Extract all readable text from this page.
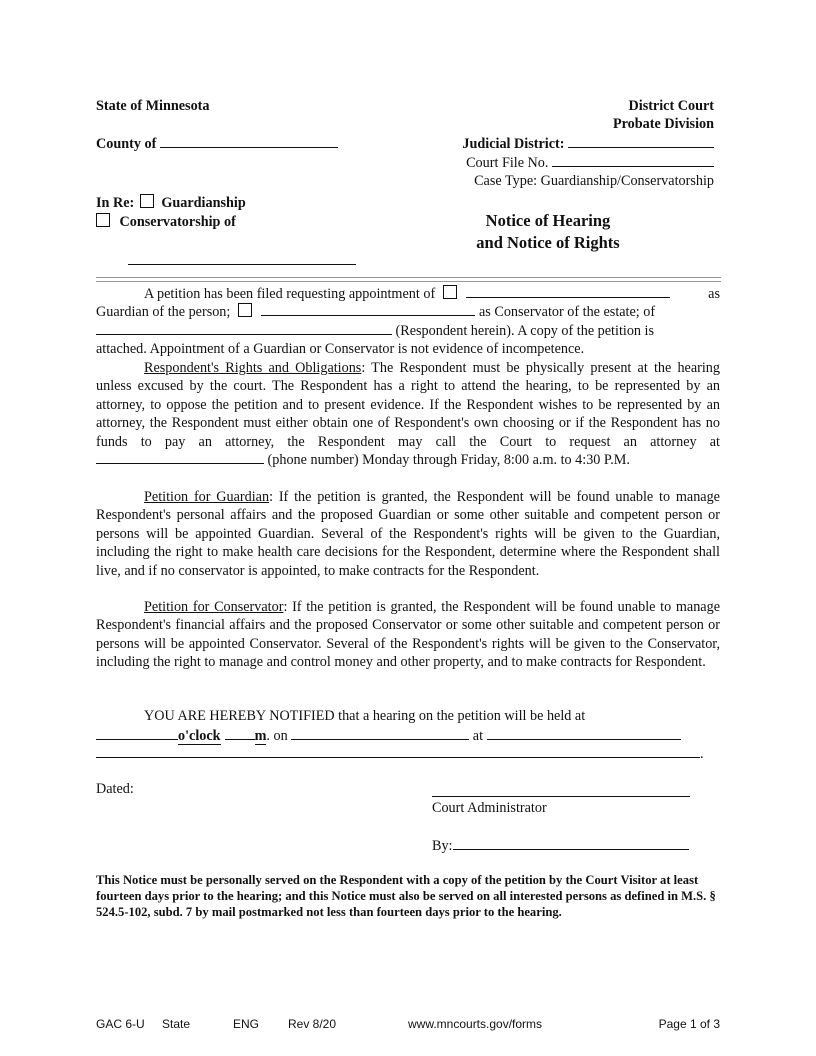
State of Minnesota
County of
District Court
Probate Division
Judicial District:
Court File No.
Case Type: Guardianship/Conservatorship
In Re: Guardianship
Conservatorship of	Notice of Hearing
and Notice of Rights
A petition has been filed requesting appointment of	as
Guardian of the person;	as Conservator of the estate; of
(Respondent herein). A copy of the petition is
attached. Appointment of a Guardian or Conservator is not evidence of incompetence.

Respondent's Rights and Obligations: The Respondent must be physically present at the hearing unless excused by the court. The Respondent has a right to attend the hearing, to be represented by an attorney, to oppose the petition and to present evidence. If the Respondent wishes to be represented by an attorney, the Respondent must either obtain one of Respondent's own choosing or if the Respondent has no funds to pay an attorney, the Respondent may call the Court to request an attorney at  (phone number) Monday through Friday, 8:00 a.m. to 4:30 P.M.

Petition for Guardian: If the petition is granted, the Respondent will be found unable to manage Respondent's personal affairs and the proposed Guardian or some other suitable and competent person or persons will be appointed Guardian. Several of the Respondent's rights will be given to the Guardian, including the right to make health care decisions for the Respondent, determine where the Respondent shall live, and if no conservator is appointed, to make contracts for the Respondent.

Petition for Conservator: If the petition is granted, the Respondent will be found unable to manage Respondent's financial affairs and the proposed Conservator or some other suitable and competent person or persons will be appointed Conservator. Several of the Respondent's rights will be given to the Conservator, including the right to manage and control money and other property, and to make contracts for Respondent.

YOU ARE HEREBY NOTIFIED that a hearing on the petition will be held at
o'clock m. on	at
.
Dated:
Court Administrator
By:
This Notice must be personally served on the Respondent with a copy of the petition by the Court Visitor at least fourteen days prior to the hearing; and this Notice must also be served on all interested persons as defined in M.S. § 524.5-102, subd. 7 by mail postmarked not less than fourteen days prior to the hearing.
GAC 6-U State	ENG Rev 8/20	www.mncourts.gov/forms	Page 1 of 3
